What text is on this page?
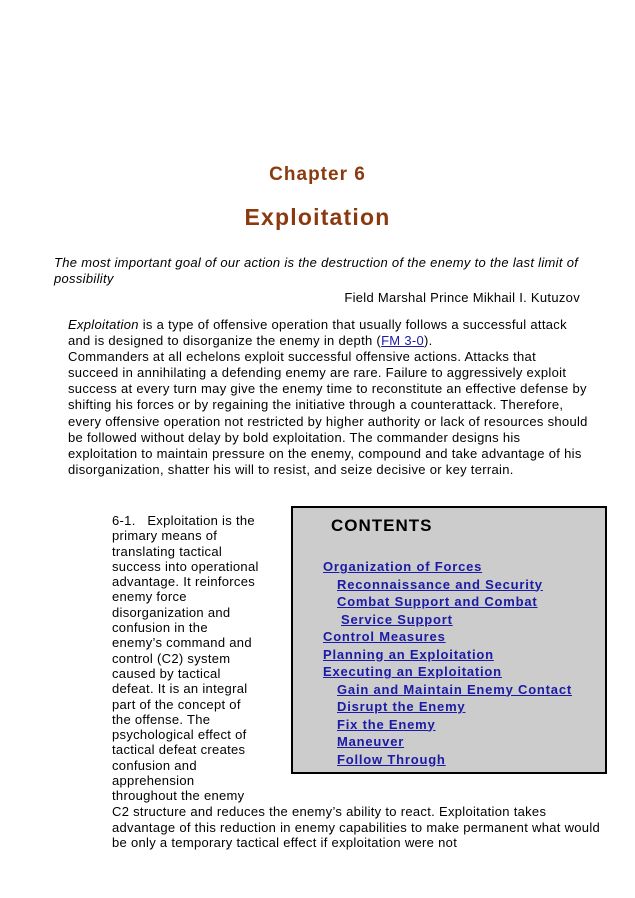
Chapter 6
Exploitation
The most important goal of our action is the destruction of the enemy to the last limit of possibility
Field Marshal Prince Mikhail I. Kutuzov

Exploitation is a type of offensive operation that usually follows a successful attack and is designed to disorganize the enemy in depth (FM 3-0).
Commanders at all echelons exploit successful offensive actions. Attacks that succeed in annihilating a defending enemy are rare. Failure to aggressively exploit success at every turn may give the enemy time to reconstitute an effective defense by shifting his forces or by regaining the initiative through a counterattack. Therefore, every offensive operation not restricted by higher authority or lack of resources should be followed without delay by bold exploitation. The commander designs his exploitation to maintain pressure on the enemy, compound and take advantage of his disorganization, shatter his will to resist, and seize decisive or key terrain.

6-1.   Exploitation is the
primary means of
translating tactical
success into operational
advantage. It reinforces
enemy force
disorganization and
confusion in the
enemy’s command and
control (C2) system
caused by tactical
defeat. It is an integral
part of the concept of
the offense. The
psychological effect of
tactical defeat creates
confusion and
apprehension
throughout the enemy
C2 structure and reduces the enemy’s ability to react. Exploitation takes advantage of this reduction in enemy capabilities to make permanent what would be only a temporary tactical effect if exploitation were not
CONTENTS
Organization of Forces
Reconnaissance and Security
Combat Support and Combat
Service Support
Control Measures
Planning an Exploitation
Executing an Exploitation
Gain and Maintain Enemy Contact
Disrupt the Enemy
Fix the Enemy
Maneuver
Follow Through
